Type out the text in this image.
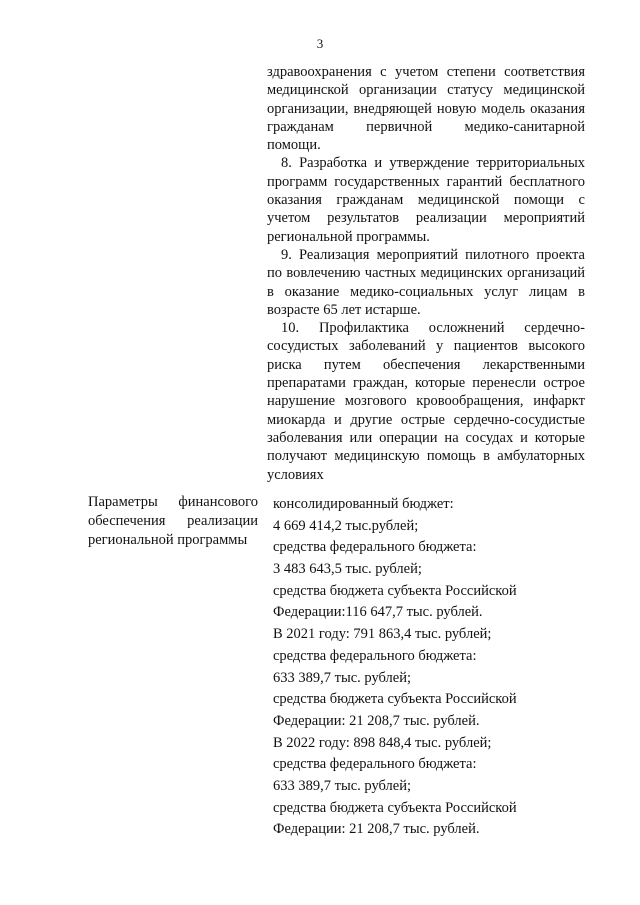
3

здравоохранения с учетом степени соответствия медицинской организации статусу медицинской организации, внедряющей новую модель оказания гражданам первичной медико-санитарной помощи.

8. Разработка и утверждение территориальных программ государственных гарантий бесплатного оказания гражданам медицинской помощи с учетом результатов реализации мероприятий региональной программы.

9. Реализация мероприятий пилотного проекта по вовлечению частных медицинских организаций в оказание медико-социальных услуг лицам в возрасте 65 лет истарше.

10. Профилактика осложнений сердечно-сосудистых заболеваний у пациентов высокого риска путем обеспечения лекарственными препаратами граждан, которые перенесли острое нарушение мозгового кровообращения, инфаркт миокарда и другие острые сердечно-сосудистые заболевания или операции на сосудах и которые получают медицинскую помощь в амбулаторных условиях

Параметры финансового обеспечения реализации региональной программы
консолидированный бюджет:
4 669 414,2 тыс.рублей;
средства федерального бюджета:
3 483 643,5 тыс. рублей;
средства бюджета субъекта Российской
Федерации:116 647,7 тыс. рублей.
В 2021 году: 791 863,4 тыс. рублей;
средства федерального бюджета:
633 389,7 тыс. рублей;
средства бюджета субъекта Российской
Федерации: 21 208,7 тыс. рублей.
В 2022 году: 898 848,4 тыс. рублей;
средства федерального бюджета:
633 389,7 тыс. рублей;
средства бюджета субъекта Российской
Федерации: 21 208,7 тыс. рублей.
